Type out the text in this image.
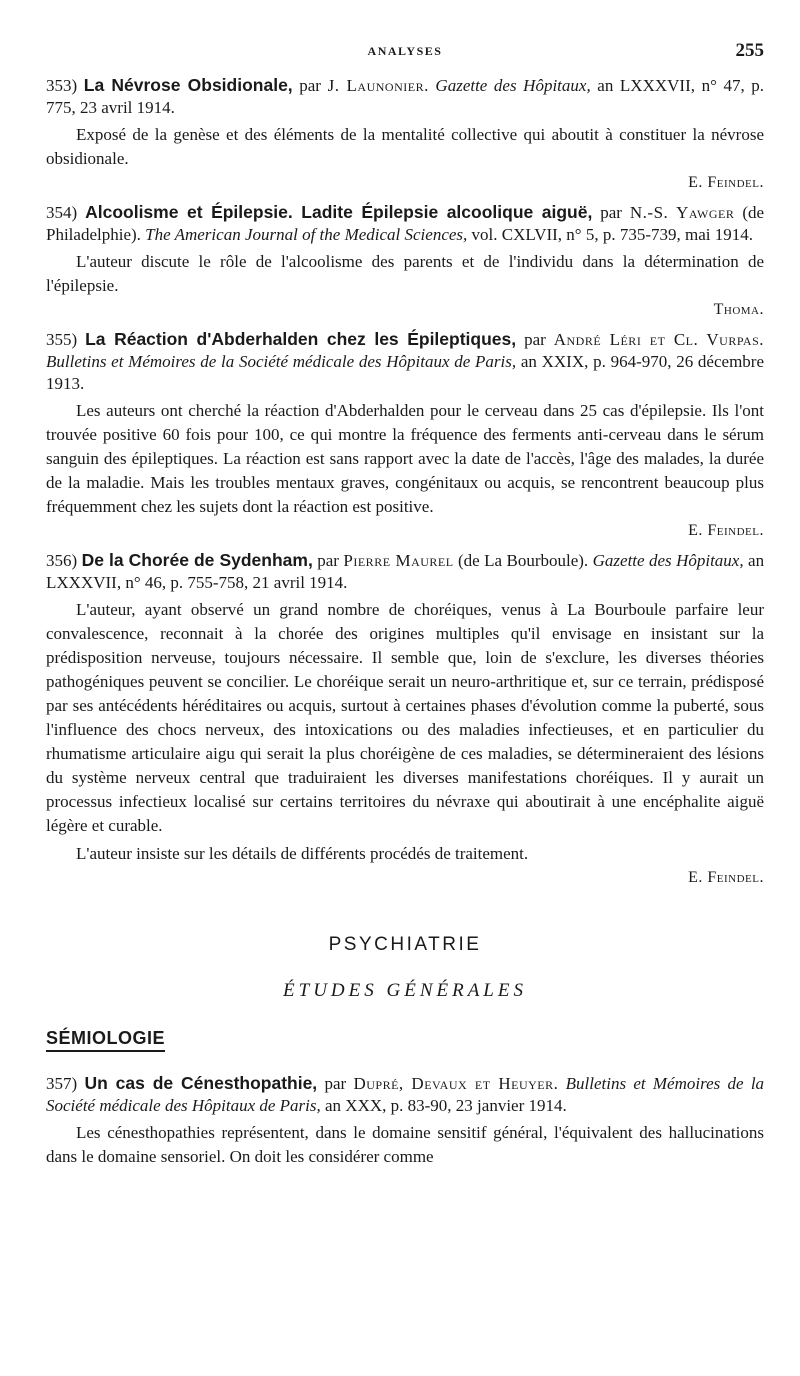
ANALYSES	255
353) La Névrose Obsidionale, par J. Launonier. Gazette des Hôpitaux, an LXXXVII, n° 47, p. 775, 23 avril 1914.

Exposé de la genèse et des éléments de la mentalité collective qui aboutit à constituer la névrose obsidionale.

E. Feindel.
354) Alcoolisme et Épilepsie. Ladite Épilepsie alcoolique aiguë, par N.-S. Yawger (de Philadelphie). The American Journal of the Medical Sciences, vol. CXLVII, n° 5, p. 735-739, mai 1914.

L'auteur discute le rôle de l'alcoolisme des parents et de l'individu dans la détermination de l'épilepsie.

Thoma.
355) La Réaction d'Abderhalden chez les Épileptiques, par André Léri et Cl. Vurpas. Bulletins et Mémoires de la Société médicale des Hôpitaux de Paris, an XXIX, p. 964-970, 26 décembre 1913.

Les auteurs ont cherché la réaction d'Abderhalden pour le cerveau dans 25 cas d'épilepsie. Ils l'ont trouvée positive 60 fois pour 100, ce qui montre la fréquence des ferments anti-cerveau dans le sérum sanguin des épileptiques. La réaction est sans rapport avec la date de l'accès, l'âge des malades, la durée de la maladie. Mais les troubles mentaux graves, congénitaux ou acquis, se rencontrent beaucoup plus fréquemment chez les sujets dont la réaction est positive.

E. Feindel.
356) De la Chorée de Sydenham, par Pierre Maurel (de La Bourboule). Gazette des Hôpitaux, an LXXXVII, n° 46, p. 755-758, 21 avril 1914.

L'auteur, ayant observé un grand nombre de choréiques, venus à La Bourboule parfaire leur convalescence, reconnait à la chorée des origines multiples qu'il envisage en insistant sur la prédisposition nerveuse, toujours nécessaire. Il semble que, loin de s'exclure, les diverses théories pathogéniques peuvent se concilier. Le choréique serait un neuro-arthritique et, sur ce terrain, prédisposé par ses antécédents héréditaires ou acquis, surtout à certaines phases d'évolution comme la puberté, sous l'influence des chocs nerveux, des intoxications ou des maladies infectieuses, et en particulier du rhumatisme articulaire aigu qui serait la plus choréigène de ces maladies, se détermineraient des lésions du système nerveux central que traduiraient les diverses manifestations choréiques. Il y aurait un processus infectieux localisé sur certains territoires du névraxe qui aboutirait à une encéphalite aiguë légère et curable.

L'auteur insiste sur les détails de différents procédés de traitement.

E. Feindel.
PSYCHIATRIE
ÉTUDES GÉNÉRALES
SÉMIOLOGIE
357) Un cas de Cénesthopathie, par Dupré, Devaux et Heuyer. Bulletins et Mémoires de la Société médicale des Hôpitaux de Paris, an XXX, p. 83-90, 23 janvier 1914.

Les cénesthopathies représentent, dans le domaine sensitif général, l'équivalent des hallucinations dans le domaine sensoriel. On doit les considérer comme
